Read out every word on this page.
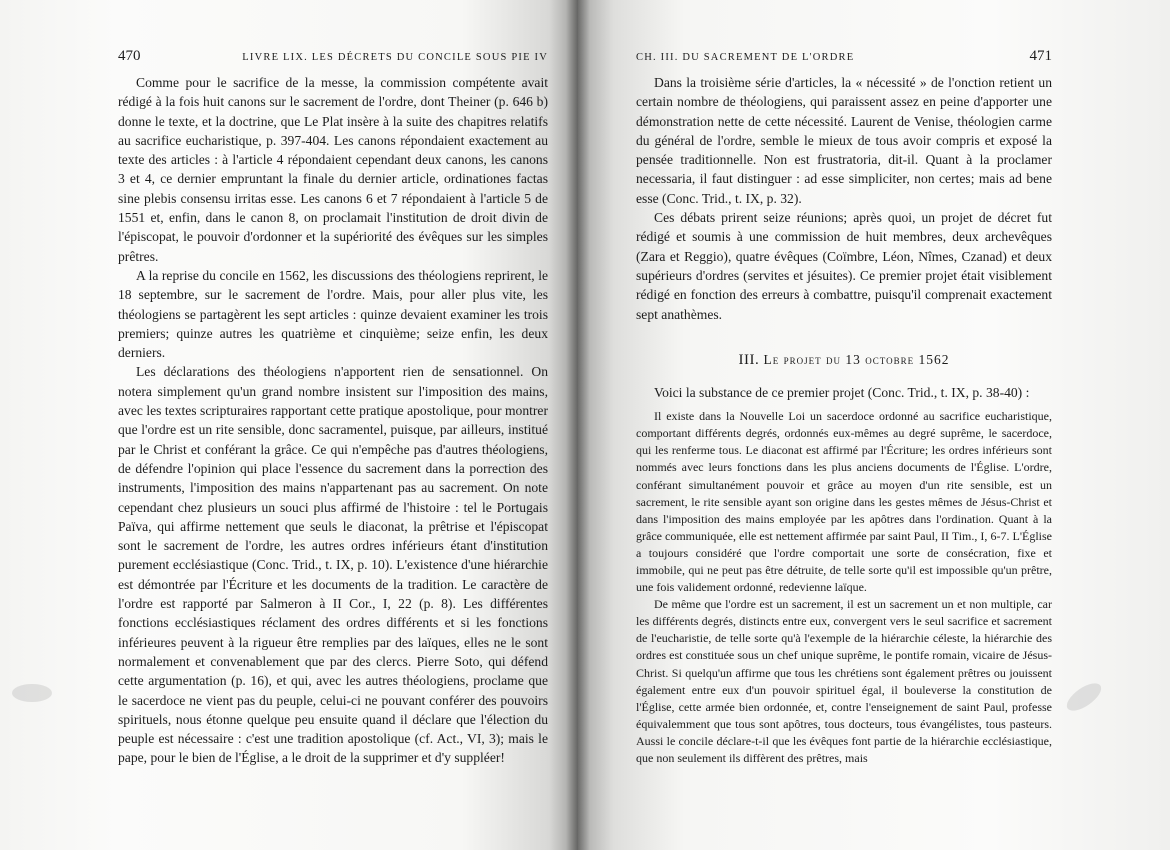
470	LIVRE LIX. LES DÉCRETS DU CONCILE SOUS PIE IV

Comme pour le sacrifice de la messe, la commission compétente avait rédigé à la fois huit canons sur le sacrement de l'ordre, dont Theiner (p. 646 b) donne le texte, et la doctrine, que Le Plat insère à la suite des chapitres relatifs au sacrifice eucharistique, p. 397-404. Les canons répondaient exactement au texte des articles : à l'article 4 répondaient cependant deux canons, les canons 3 et 4, ce dernier empruntant la finale du dernier article, ordinationes factas sine plebis consensu irritas esse. Les canons 6 et 7 répondaient à l'article 5 de 1551 et, enfin, dans le canon 8, on proclamait l'institution de droit divin de l'épiscopat, le pouvoir d'ordonner et la supériorité des évêques sur les simples prêtres.

A la reprise du concile en 1562, les discussions des théologiens reprirent, le 18 septembre, sur le sacrement de l'ordre. Mais, pour aller plus vite, les théologiens se partagèrent les sept articles : quinze devaient examiner les trois premiers; quinze autres les quatrième et cinquième; seize enfin, les deux derniers.

Les déclarations des théologiens n'apportent rien de sensationnel. On notera simplement qu'un grand nombre insistent sur l'imposition des mains, avec les textes scripturaires rapportant cette pratique apostolique, pour montrer que l'ordre est un rite sensible, donc sacramentel, puisque, par ailleurs, institué par le Christ et conférant la grâce. Ce qui n'empêche pas d'autres théologiens, de défendre l'opinion qui place l'essence du sacrement dans la porrection des instruments, l'imposition des mains n'appartenant pas au sacrement. On note cependant chez plusieurs un souci plus affirmé de l'histoire : tel le Portugais Païva, qui affirme nettement que seuls le diaconat, la prêtrise et l'épiscopat sont le sacrement de l'ordre, les autres ordres inférieurs étant d'institution purement ecclésiastique (Conc. Trid., t. IX, p. 10). L'existence d'une hiérarchie est démontrée par l'Écriture et les documents de la tradition. Le caractère de l'ordre est rapporté par Salmeron à II Cor., I, 22 (p. 8). Les différentes fonctions ecclésiastiques réclament des ordres différents et si les fonctions inférieures peuvent à la rigueur être remplies par des laïques, elles ne le sont normalement et convenablement que par des clercs. Pierre Soto, qui défend cette argumentation (p. 16), et qui, avec les autres théologiens, proclame que le sacerdoce ne vient pas du peuple, celui-ci ne pouvant conférer des pouvoirs spirituels, nous étonne quelque peu ensuite quand il déclare que l'élection du peuple est nécessaire : c'est une tradition apostolique (cf. Act., VI, 3); mais le pape, pour le bien de l'Église, a le droit de la supprimer et d'y suppléer!

CH. III. DU SACREMENT DE L'ORDRE	471

Dans la troisième série d'articles, la « nécessité » de l'onction retient un certain nombre de théologiens, qui paraissent assez en peine d'apporter une démonstration nette de cette nécessité. Laurent de Venise, théologien carme du général de l'ordre, semble le mieux de tous avoir compris et exposé la pensée traditionnelle. Non est frustratoria, dit-il. Quant à la proclamer necessaria, il faut distinguer : ad esse simpliciter, non certes; mais ad bene esse (Conc. Trid., t. IX, p. 32).

Ces débats prirent seize réunions; après quoi, un projet de décret fut rédigé et soumis à une commission de huit membres, deux archevêques (Zara et Reggio), quatre évêques (Coïmbre, Léon, Nîmes, Czanad) et deux supérieurs d'ordres (servites et jésuites). Ce premier projet était visiblement rédigé en fonction des erreurs à combattre, puisqu'il comprenait exactement sept anathèmes.

III. Le projet du 13 octobre 1562

Voici la substance de ce premier projet (Conc. Trid., t. IX, p. 38-40) :

Il existe dans la Nouvelle Loi un sacerdoce ordonné au sacrifice eucharistique, comportant différents degrés, ordonnés eux-mêmes au degré suprême, le sacerdoce, qui les renferme tous. Le diaconat est affirmé par l'Écriture; les ordres inférieurs sont nommés avec leurs fonctions dans les plus anciens documents de l'Église. L'ordre, conférant simultanément pouvoir et grâce au moyen d'un rite sensible, est un sacrement, le rite sensible ayant son origine dans les gestes mêmes de Jésus-Christ et dans l'imposition des mains employée par les apôtres dans l'ordination. Quant à la grâce communiquée, elle est nettement affirmée par saint Paul, II Tim., I, 6-7. L'Église a toujours considéré que l'ordre comportait une sorte de consécration, fixe et immobile, qui ne peut pas être détruite, de telle sorte qu'il est impossible qu'un prêtre, une fois validement ordonné, redevienne laïque.

De même que l'ordre est un sacrement, il est un sacrement un et non multiple, car les différents degrés, distincts entre eux, convergent vers le seul sacrifice et sacrement de l'eucharistie, de telle sorte qu'à l'exemple de la hiérarchie céleste, la hiérarchie des ordres est constituée sous un chef unique suprême, le pontife romain, vicaire de Jésus-Christ. Si quelqu'un affirme que tous les chrétiens sont également prêtres ou jouissent également entre eux d'un pouvoir spirituel égal, il bouleverse la constitution de l'Église, cette armée bien ordonnée, et, contre l'enseignement de saint Paul, professe équivalemment que tous sont apôtres, tous docteurs, tous évangélistes, tous pasteurs. Aussi le concile déclare-t-il que les évêques font partie de la hiérarchie ecclésiastique, que non seulement ils diffèrent des prêtres, mais
